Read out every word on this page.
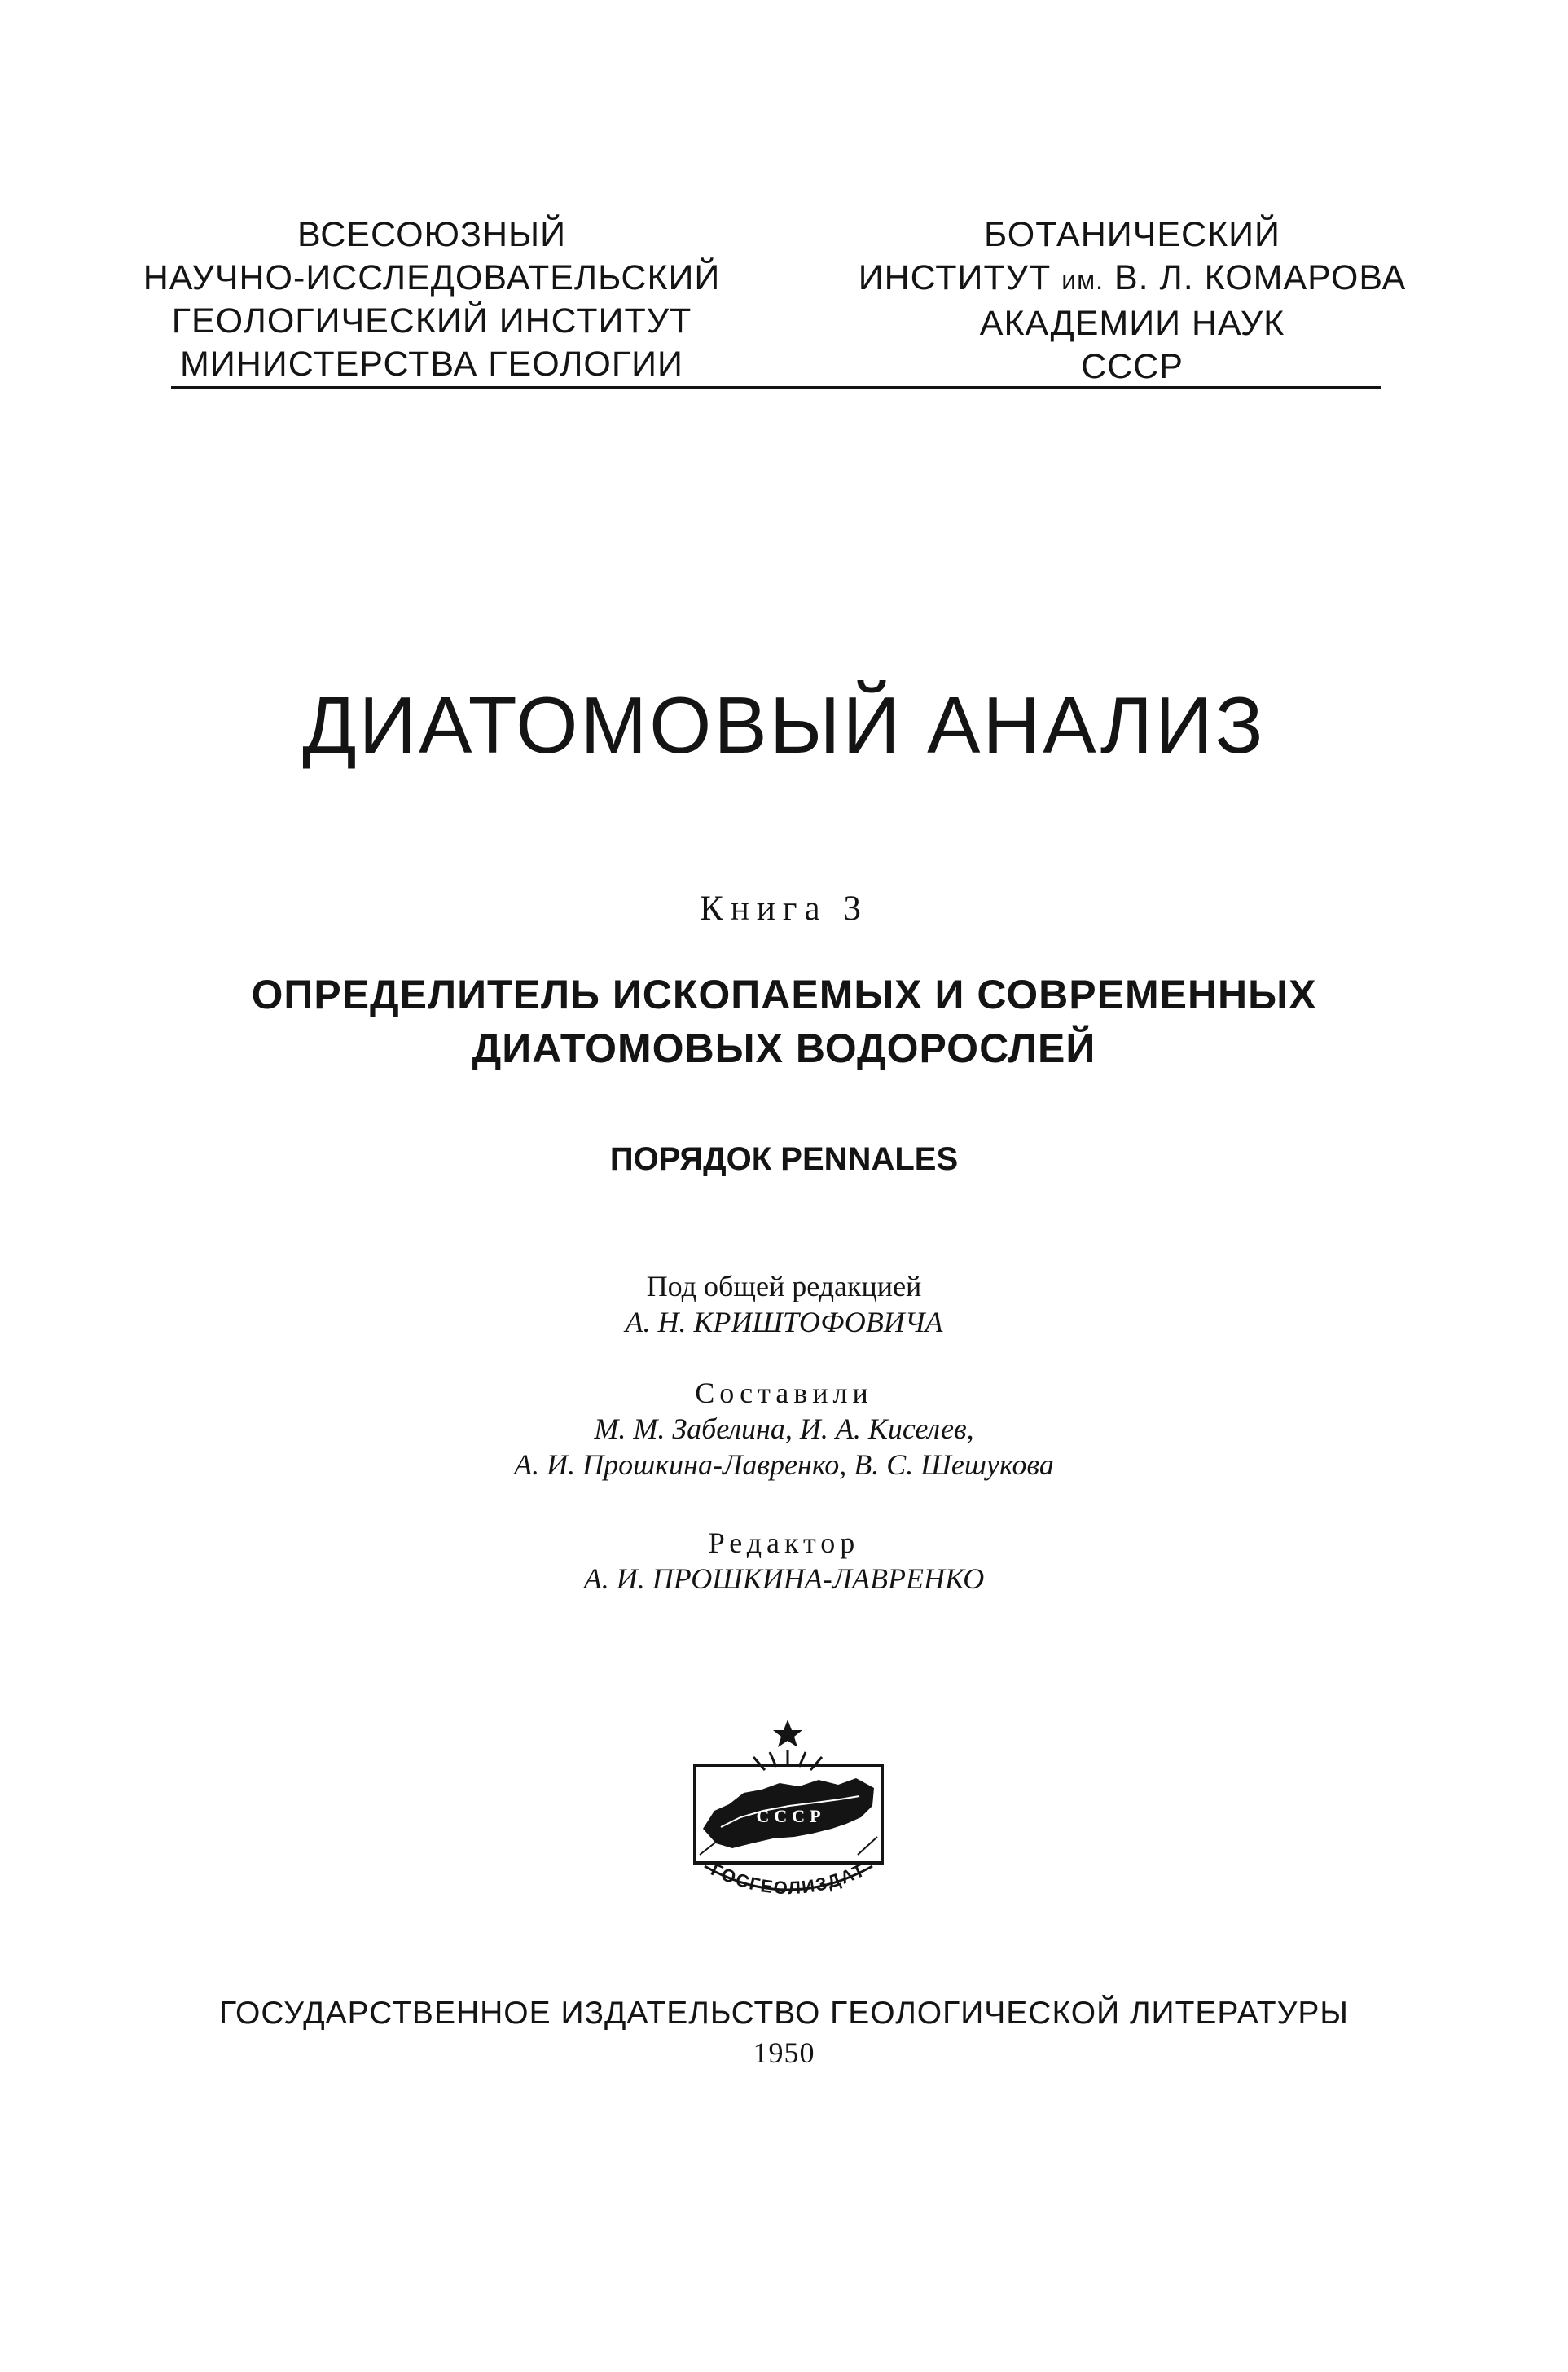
ВСЕСОЮЗНЫЙ
НАУЧНО-ИССЛЕДОВАТЕЛЬСКИЙ
ГЕОЛОГИЧЕСКИЙ ИНСТИТУТ
МИНИСТЕРСТВА ГЕОЛОГИИ
БОТАНИЧЕСКИЙ
ИНСТИТУТ им. В. Л. КОМАРОВА
АКАДЕМИИ НАУК
СССР
ДИАТОМОВЫЙ АНАЛИЗ
Книга 3
ОПРЕДЕЛИТЕЛЬ ИСКОПАЕМЫХ И СОВРЕМЕННЫХ
ДИАТОМОВЫХ ВОДОРОСЛЕЙ
ПОРЯДОК PENNALES
Под общей редакцией
А. Н. КРИШТОФОВИЧА
Составили
М. М. Забелина, И. А. Киселев,
А. И. Прошкина-Лавренко, В. С. Шешукова
Редактор
А. И. ПРОШКИНА-ЛАВРЕНКО
СССР
ГОСГЕОЛИЗДАТ
ГОСУДАРСТВЕННОЕ ИЗДАТЕЛЬСТВО ГЕОЛОГИЧЕСКОЙ ЛИТЕРАТУРЫ
1950
